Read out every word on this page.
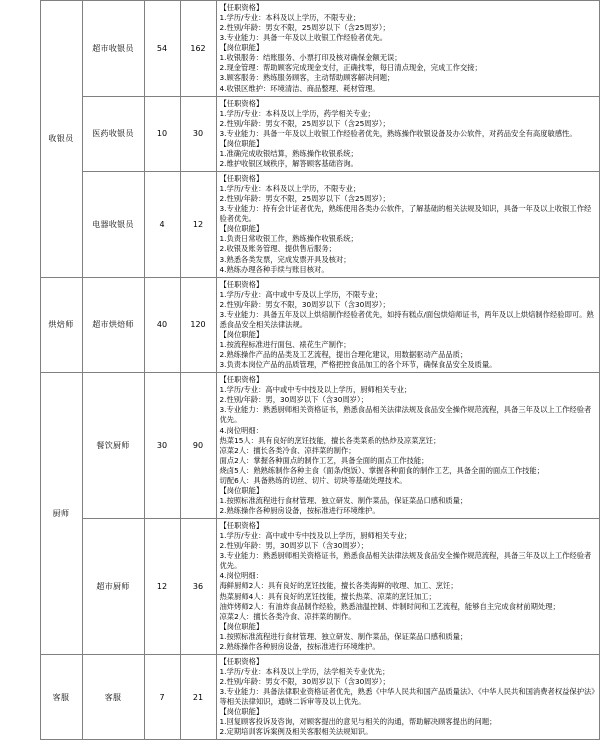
	收银员	超市收银员	54	162	
【任职资格】
1.学历/专业：本科及以上学历，不限专业；
2.性别/年龄：男女不限，25周岁以下（含25周岁）；
3.专业能力：具备一年及以上收银工作经验者优先。
【岗位职能】
1.收银服务：结账服务、小票打印及核对确保金额无误；
2.现金管理：帮助顾客完成现金支付，正确找零，每日清点现金，完成工作交接；
3.顾客服务：熟练服务顾客，主动帮助顾客解决问题；
4.收银区维护：环境清洁、商品整理、耗材管理。

	医药收银员	10	30	
【任职资格】
1.学历/专业：本科及以上学历，药学相关专业；
2.性别/年龄：男女不限，25周岁以下（含25周岁）；
3.专业能力：具备一年及以上收银工作经验者优先，熟练操作收银设备及办公软件，对药品安全有高度敏感性。
【岗位职能】
1.准确完成收银结算，熟练操作收银系统；
2.维护收银区域秩序，解答顾客基础咨询。

	电器收银员	4	12	
【任职资格】
1.学历/专业：本科及以上学历，不限专业；
2.性别/年龄：男女不限，25周岁以下（含25周岁）；
3.专业能力：持有会计证者优先，熟练使用各类办公软件，了解基础的相关法规及知识，具备一年及以上收银工作经验者优先。
【岗位职能】
1.负责日常收银工作，熟练操作收银系统；
2.收银及账务管理、提供售后服务；
3.熟悉各类发票，完成发票开具及核对；
4.熟练办理各种手续与账目核对。

	烘焙师	超市烘焙师	40	120	
【任职资格】
1.学历/专业：高中或中专及以上学历，不限专业；
2.性别/年龄：男女不限，30周岁以下（含30周岁）；
3.专业能力：具备五年及以上烘焙制作经验者优先，如持有糕点/面包烘焙师证书，两年及以上烘焙制作经验即可。熟悉食品安全相关法律法规。
【岗位职能】
1.按流程标准进行面包、裱花生产制作；
2.熟练操作产品的品类及工艺流程，提出合理化建议，用数据驱动产品品质；
3.负责本岗位产品的品质管理，严格把控食品加工的各个环节，确保食品安全及质量。

	厨师	餐饮厨师	30	90	
【任职资格】
1.学历/专业：高中或中专中技及以上学历，厨师相关专业；
2.性别/年龄：男，30周岁以下（含30周岁）；
3.专业能力：熟悉厨师相关资格证书，熟悉食品相关法律法规及食品安全操作规范流程，具备三年及以上工作经验者优先。
4.岗位明细：
热菜15人：具有良好的烹饪技能，擅长各类菜系的热炒及凉菜烹饪；
凉菜2人：擅长各类冷食、凉拌菜的制作；
面点2人：掌握各种面点的制作工艺，具备全面的面点工作技能；
烧卤5人：熟熟练制作各种主食（面条/饱饭）、掌握各种面食的制作工艺，具备全面的面点工作技能；
切配6人：具备熟练的切丝、切片、切块等基础处理技术。
【岗位职能】
1.按照标准流程进行食材管理、独立研发、制作菜品，保证菜品口感和质量；
2.熟练操作各种厨房设备，按标准进行环境维护。

	超市厨师	12	36	
【任职资格】
1.学历/专业：高中或中专中技及以上学历，厨师相关专业；
2.性别/年龄：男，30周岁以下（含30周岁）；
3.专业能力：熟悉厨师相关资格证书，熟悉食品相关法律法规及食品安全操作规范流程，具备三年及以上工作经验者优先。
4.岗位明细：
海鲜厨师2人：具有良好的烹饪技能，擅长各类海鲜的收理、加工、烹饪；
热菜厨师4人：具有良好的烹饪技能，擅长热菜、凉菜的烹饪加工；
油炸烤师2人：有油炸食品制作经验，熟悉油温控制、炸制时间和工艺流程，能够自主完成食材前期处理；
凉菜2人：擅长各类冷食、凉拌菜的制作。
【岗位职能】
1.按照标准流程进行食材管理、独立研发、制作菜品，保证菜品口感和质量；
2.熟练操作各种厨房设备，按标准进行环境维护。

	客服	客服	7	21	
【任职资格】
1.学历/专业：本科及以上学历，法学相关专业优先；
2.性别/年龄：男女不限，30周岁以下（含30周岁）；
3.专业能力：具备法律职业资格证者优先，熟悉《中华人民共和国产品质量法》、《中华人民共和国消费者权益保护法》等相关法律知识，通晓二诉审等及以上优先。
【岗位职能】
1.回复顾客投诉及咨询，对顾客提出的意见与相关的沟通，帮助解决顾客提出的问题；
2.定期培训客诉案例及相关客服相关法规知识。
